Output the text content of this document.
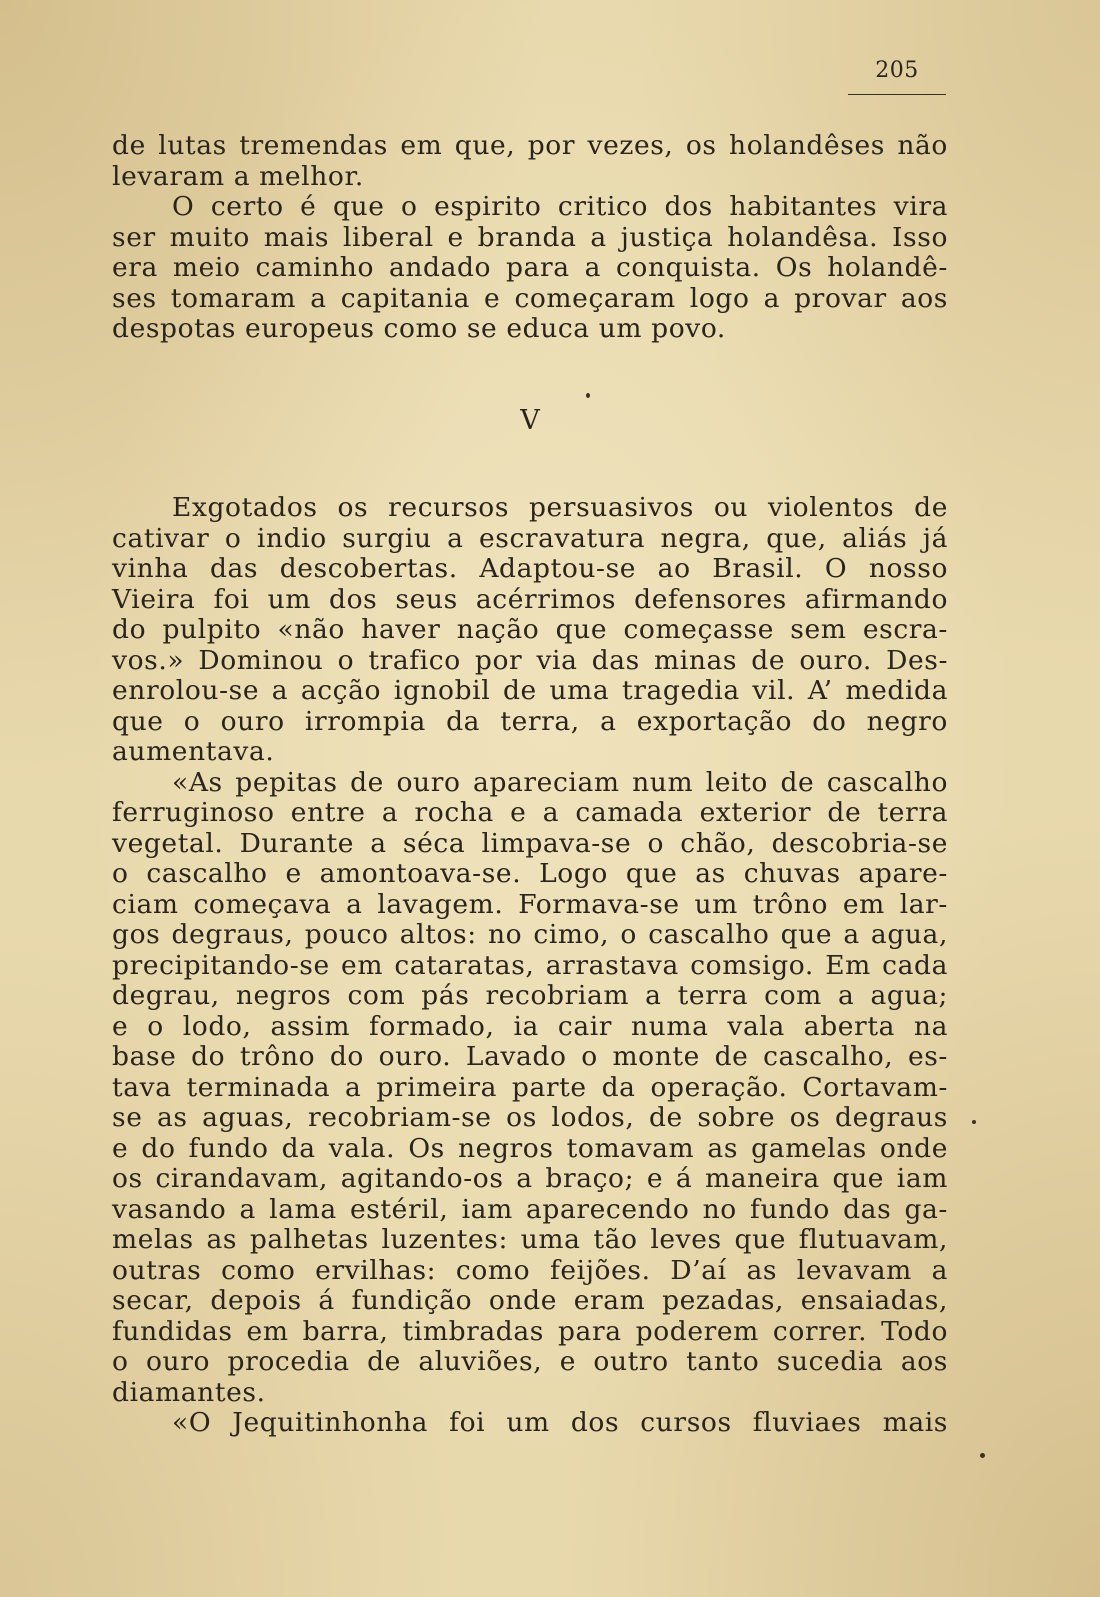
205
de lutas tremendas em que, por vezes, os holandêses não
levaram a melhor.
O certo é que o espirito critico dos habitantes vira
ser muito mais liberal e branda a justiça holandêsa. Isso
era meio caminho andado para a conquista. Os holandê-
ses tomaram a capitania e começaram logo a provar aos
despotas europeus como se educa um povo.
V
Exgotados os recursos persuasivos ou violentos de
cativar o indio surgiu a escravatura negra, que, aliás já
vinha das descobertas. Adaptou-se ao Brasil. O nosso
Vieira foi um dos seus acérrimos defensores afirmando
do pulpito «não haver nação que começasse sem escra-
vos.» Dominou o trafico por via das minas de ouro. Des-
enrolou-se a acção ignobil de uma tragedia vil. A’ medida
que o ouro irrompia da terra, a exportação do negro
aumentava.
«As pepitas de ouro apareciam num leito de cascalho
ferruginoso entre a rocha e a camada exterior de terra
vegetal. Durante a séca limpava-se o chão, descobria-se
o cascalho e amontoava-se. Logo que as chuvas apare-
ciam começava a lavagem. Formava-se um trôno em lar-
gos degraus, pouco altos: no cimo, o cascalho que a agua,
precipitando-se em cataratas, arrastava comsigo. Em cada
degrau, negros com pás recobriam a terra com a agua;
e o lodo, assim formado, ia cair numa vala aberta na
base do trôno do ouro. Lavado o monte de cascalho, es-
tava terminada a primeira parte da operação. Cortavam-
se as aguas, recobriam-se os lodos, de sobre os degraus
e do fundo da vala. Os negros tomavam as gamelas onde
os cirandavam, agitando-os a braço; e á maneira que iam
vasando a lama estéril, iam aparecendo no fundo das ga-
melas as palhetas luzentes: uma tão leves que flutuavam,
outras como ervilhas: como feijões. D’aí as levavam a
secar, depois á fundição onde eram pezadas, ensaiadas,
fundidas em barra, timbradas para poderem correr. Todo
o ouro procedia de aluviões, e outro tanto sucedia aos
diamantes.
«O Jequitinhonha foi um dos cursos fluviaes mais
